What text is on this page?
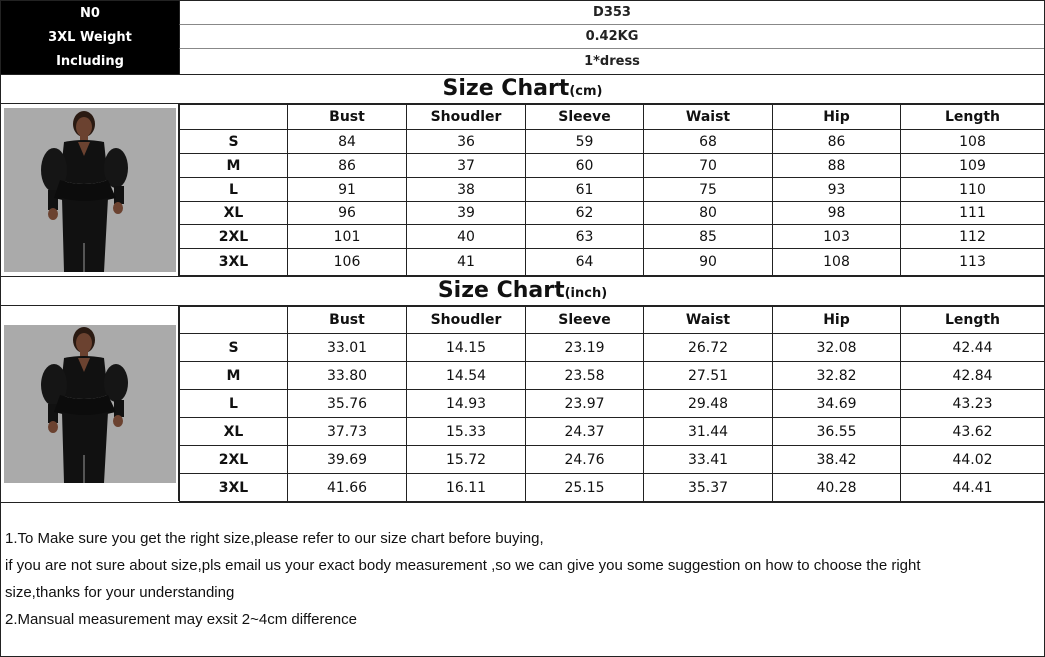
N0	D353
3XL Weight	0.42KG
Including	1*dress
Size Chart(cm)
	Bust	Shoudler	Sleeve	Waist	Hip	Length
S	84	36	59	68	86	108
M	86	37	60	70	88	109
L	91	38	61	75	93	110
XL	96	39	62	80	98	111
2XL	101	40	63	85	103	112
3XL	106	41	64	90	108	113
Size Chart(inch)
	Bust	Shoudler	Sleeve	Waist	Hip	Length
S	33.01	14.15	23.19	26.72	32.08	42.44
M	33.80	14.54	23.58	27.51	32.82	42.84
L	35.76	14.93	23.97	29.48	34.69	43.23
XL	37.73	15.33	24.37	31.44	36.55	43.62
2XL	39.69	15.72	24.76	33.41	38.42	44.02
3XL	41.66	16.11	25.15	35.37	40.28	44.41

1.To Make sure you get the right size,please refer to our size chart before buying,

if you are not sure about size,pls email us your exact body measurement ,so we can give you some suggestion on how to choose the right

size,thanks for your understanding

2.Mansual measurement may exsit 2~4cm difference
